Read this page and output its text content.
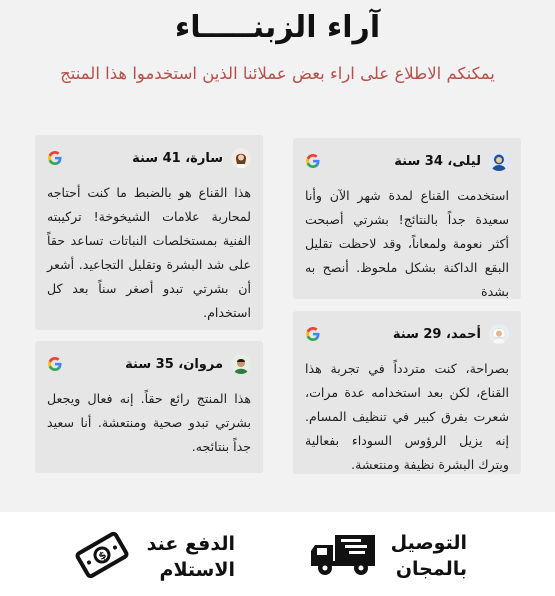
آراء الزبنـــــاء
يمكنكم الاطلاع على اراء بعض عملائنا الذين استخدموا هذا المنتج
ليلى، 34 سنة

استخدمت القناع لمدة شهر الآن وأنا سعيدة جداً بالنتائج! بشرتي أصبحت أكثر نعومة ولمعاناً، وقد لاحظت تقليل البقع الداكنة بشكل ملحوظ. أنصح به بشدة

أحمد، 29 سنة

بصراحة، كنت متردداً في تجربة هذا القناع، لكن بعد استخدامه عدة مرات، شعرت بفرق كبير في تنظيف المسام. إنه يزيل الرؤوس السوداء بفعالية ويترك البشرة نظيفة ومنتعشة.

سارة، 41 سنة

هذا القناع هو بالضبط ما كنت أحتاجه لمحاربة علامات الشيخوخة! تركيبته الفنية بمستخلصات النباتات تساعد حقاً على شد البشرة وتقليل التجاعيد. أشعر أن بشرتي تبدو أصغر سناً بعد كل استخدام.

مروان، 35 سنة

هذا المنتج رائع حقاً. إنه فعال ويجعل بشرتي تبدو صحية ومنتعشة. أنا سعيد جداً بنتائجه.

التوصيل بالمجان
الدفع عند الاستلام
$
